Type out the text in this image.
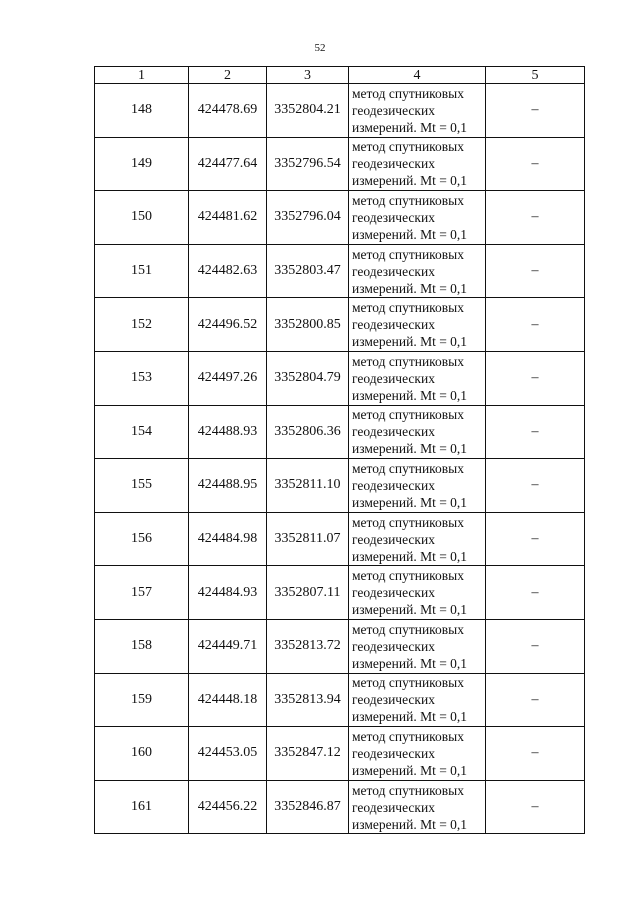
52
1	2	3	4	5
148	424478.69	3352804.21	метод спутниковых
геодезических
измерений. Mt = 0,1	–
149	424477.64	3352796.54	метод спутниковых
геодезических
измерений. Mt = 0,1	–
150	424481.62	3352796.04	метод спутниковых
геодезических
измерений. Mt = 0,1	–
151	424482.63	3352803.47	метод спутниковых
геодезических
измерений. Mt = 0,1	–
152	424496.52	3352800.85	метод спутниковых
геодезических
измерений. Mt = 0,1	–
153	424497.26	3352804.79	метод спутниковых
геодезических
измерений. Mt = 0,1	–
154	424488.93	3352806.36	метод спутниковых
геодезических
измерений. Mt = 0,1	–
155	424488.95	3352811.10	метод спутниковых
геодезических
измерений. Mt = 0,1	–
156	424484.98	3352811.07	метод спутниковых
геодезических
измерений. Mt = 0,1	–
157	424484.93	3352807.11	метод спутниковых
геодезических
измерений. Mt = 0,1	–
158	424449.71	3352813.72	метод спутниковых
геодезических
измерений. Mt = 0,1	–
159	424448.18	3352813.94	метод спутниковых
геодезических
измерений. Mt = 0,1	–
160	424453.05	3352847.12	метод спутниковых
геодезических
измерений. Mt = 0,1	–
161	424456.22	3352846.87	метод спутниковых
геодезических
измерений. Mt = 0,1	–
